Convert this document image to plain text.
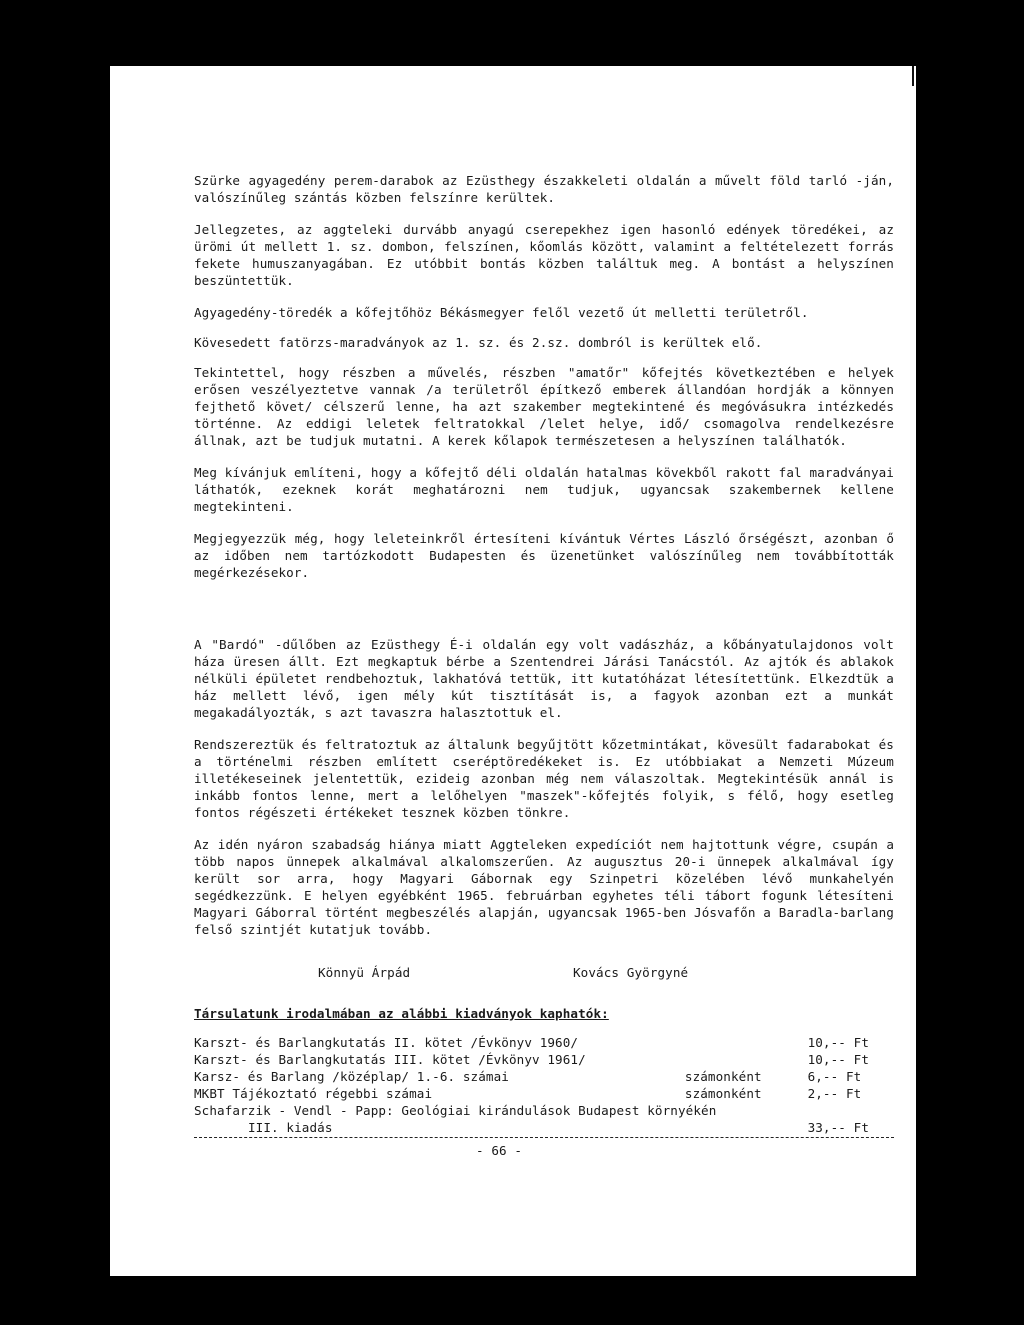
Szürke agyagedény perem-darabok az Ezüsthegy északkeleti oldalán a művelt föld tarló -ján, valószínűleg szántás közben felszínre kerültek.

Jellegzetes, az aggteleki durvább anyagú cserepekhez igen hasonló edények töredékei, az ürömi út mellett 1. sz. dombon, felszínen, kőomlás között, valamint a feltételezett forrás fekete humuszanyagában. Ez utóbbit bontás közben találtuk meg. A bontást a helyszínen beszüntettük.

Agyagedény-töredék a kőfejtőhöz Békásmegyer felől vezető út melletti területről.

Kövesedett fatörzs-maradványok az 1. sz. és 2.sz. dombról is kerültek elő.

Tekintettel, hogy részben a művelés, részben "amatőr" kőfejtés következtében e helyek erősen veszélyeztetve vannak /a területről építkező emberek állandóan hordják a könnyen fejthető követ/ célszerű lenne, ha azt szakember megtekintené és megóvásukra intézkedés történne. Az eddigi leletek feltratokkal /lelet helye, idő/ csomagolva rendelkezésre állnak, azt be tudjuk mutatni. A kerek kőlapok természetesen a helyszínen találhatók.

Meg kívánjuk említeni, hogy a kőfejtő déli oldalán hatalmas kövekből rakott fal maradványai láthatók, ezeknek korát meghatározni nem tudjuk, ugyancsak szakembernek kellene megtekinteni.

Megjegyezzük még, hogy leleteinkről értesíteni kívántuk Vértes László őrségészt, azonban ő az időben nem tartózkodott Budapesten és üzenetünket valószínűleg nem továbbították megérkezésekor.

A "Bardó" -dűlőben az Ezüsthegy É-i oldalán egy volt vadászház, a kőbányatulajdonos volt háza üresen állt. Ezt megkaptuk bérbe a Szentendrei Járási Tanácstól. Az ajtók és ablakok nélküli épületet rendbehoztuk, lakhatóvá tettük, itt kutatóházat létesítettünk. Elkezdtük a ház mellett lévő, igen mély kút tisztítását is, a fagyok azonban ezt a munkát megakadályozták, s azt tavaszra halasztottuk el.

Rendszereztük és feltratoztuk az általunk begyűjtött kőzetmintákat, kövesült fadarabokat és a történelmi részben említett cseréptöredékeket is. Ez utóbbiakat a Nemzeti Múzeum illetékeseinek jelentettük, ezideig azonban még nem válaszoltak. Megtekintésük annál is inkább fontos lenne, mert a lelőhelyen "maszek"-kőfejtés folyik, s félő, hogy esetleg fontos régészeti értékeket tesznek közben tönkre.

Az idén nyáron szabadság hiánya miatt Aggteleken expedíciót nem hajtottunk végre, csupán a több napos ünnepek alkalmával alkalomszerűen. Az augusztus 20-i ünnepek alkalmával így került sor arra, hogy Magyari Gábornak egy Szinpetri közelében lévő munkahelyén segédkezzünk. E helyen egyébként 1965. februárban egyhetes téli tábort fogunk létesíteni Magyari Gáborral történt megbeszélés alapján, ugyancsak 1965-ben Jósvafőn a Baradla-barlang felső szintjét kutatjuk tovább.

Könnyü Árpád	Kovács Györgyné
Társulatunk irodalmában az alábbi kiadványok kaphatók:
Karszt- és Barlangkutatás II. kötet /Évkönyv 1960/		10,-- Ft
Karszt- és Barlangkutatás III. kötet /Évkönyv 1961/		10,-- Ft
Karsz- és Barlang /középlap/ 1.-6. számai	számonként	6,-- Ft
MKBT Tájékoztató régebbi számai	számonként	2,-- Ft
Schafarzik - Vendl - Papp: Geológiai kirándulások Budapest környékén		
III. kiadás		33,-- Ft
- 66 -
